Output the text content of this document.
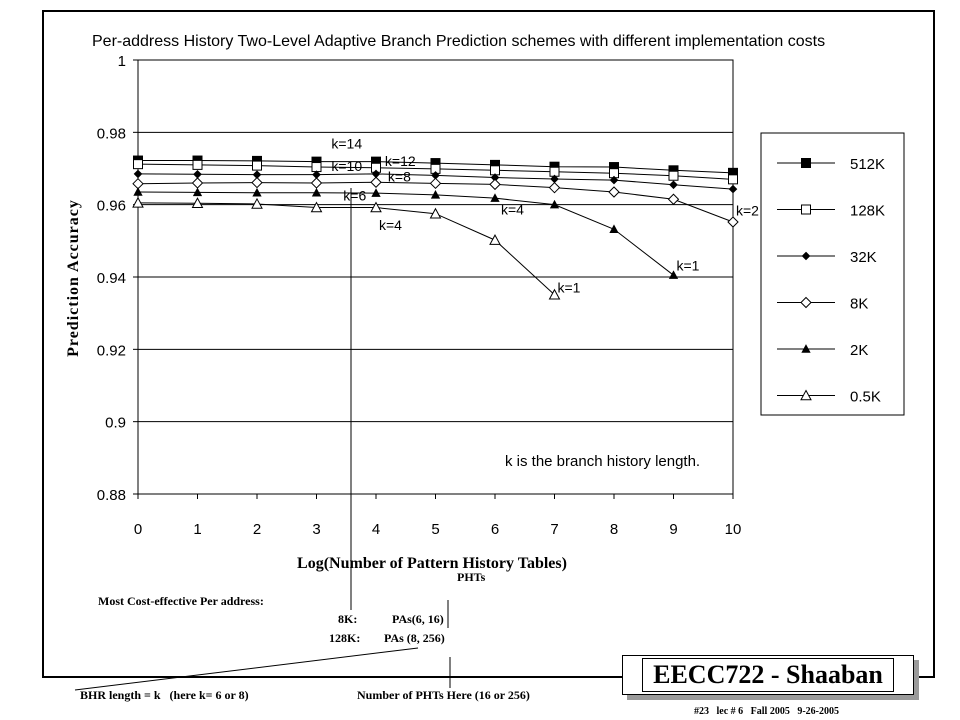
0.88
0.9
0.92
0.94
0.96
0.98
1
0	1	2	3	4	5	6	7	8	9	10
Per-address History Two-Level Adaptive Branch Prediction schemes with different implementation costs
Log(Number of Pattern History Tables)
Prediction Accuracy
k=14
k=10 k=12
k=8
k=6
k=4
k=4	k=2
k=1
k=1
k is the branch history length.
512K
128K
32K
8K
2K
0.5K
PHTs
Most Cost-effective Per address:
8K:	PAs(6, 16)
128K: PAs (8, 256)
BHR length = k   (here k= 6 or 8)	Number of PHTs Here (16 or 256)
EECC722 - Shaaban
#23   lec # 6   Fall 2005   9-26-2005
